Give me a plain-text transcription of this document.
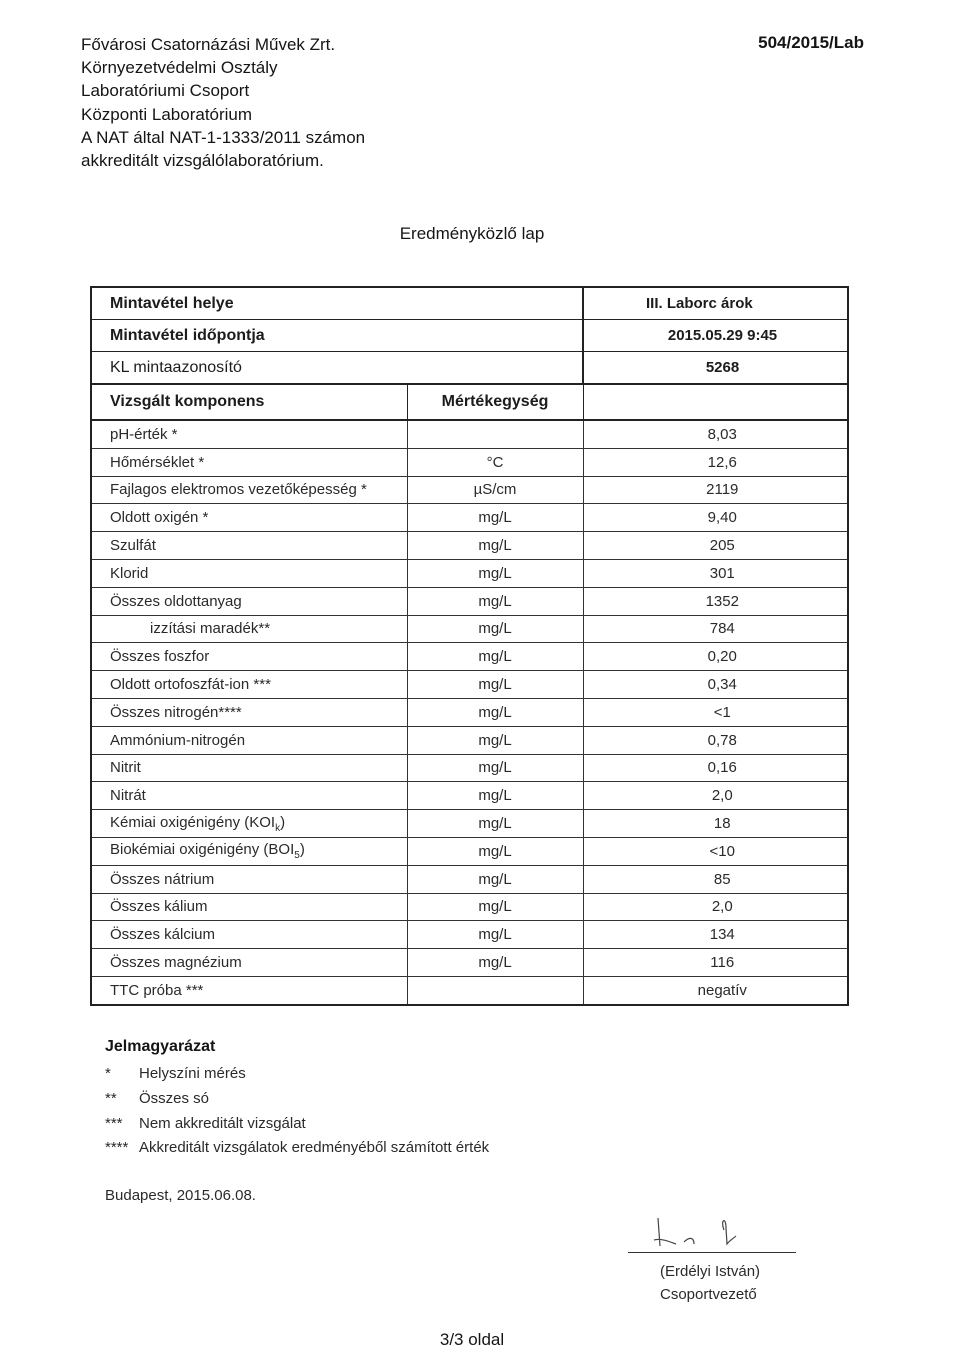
Fővárosi Csatornázási Művek Zrt.
Környezetvédelmi Osztály
Laboratóriumi Csoport
Központi Laboratórium
A NAT által NAT-1-1333/2011 számon
akkreditált vizsgálólaboratórium.
504/2015/Lab
Eredményközlő lap
Mintavétel helye		III. Laborc árok
Mintavétel időpontja		2015.05.29 9:45
KL mintaazonosító		5268
Vizsgált komponens	Mértékegység	
pH-érték *		8,03
Hőmérséklet *	°C	12,6
Fajlagos elektromos vezetőképesség *	µS/cm	2119
Oldott oxigén *	mg/L	9,40
Szulfát	mg/L	205
Klorid	mg/L	301
Összes oldottanyag	mg/L	1352
izzítási maradék**	mg/L	784
Összes foszfor	mg/L	0,20
Oldott ortofoszfát-ion ***	mg/L	0,34
Összes nitrogén****	mg/L	<1
Ammónium-nitrogén	mg/L	0,78
Nitrit	mg/L	0,16
Nitrát	mg/L	2,0
Kémiai oxigénigény $(KOI_k)$	mg/L	18
Biokémiai oxigénigény $(BOI_5)$	mg/L	<10
Összes nátrium	mg/L	85
Összes kálium	mg/L	2,0
Összes kálcium	mg/L	134
Összes magnézium	mg/L	116
TTC próba ***		negatív
Jelmagyarázat
* Helyszíni mérés
** Összes só
*** Nem akkreditált vizsgálat
**** Akkreditált vizsgálatok eredményéből számított érték
Budapest, 2015.06.08.
(Erdélyi István)
Csoportvezető
3/3 oldal
